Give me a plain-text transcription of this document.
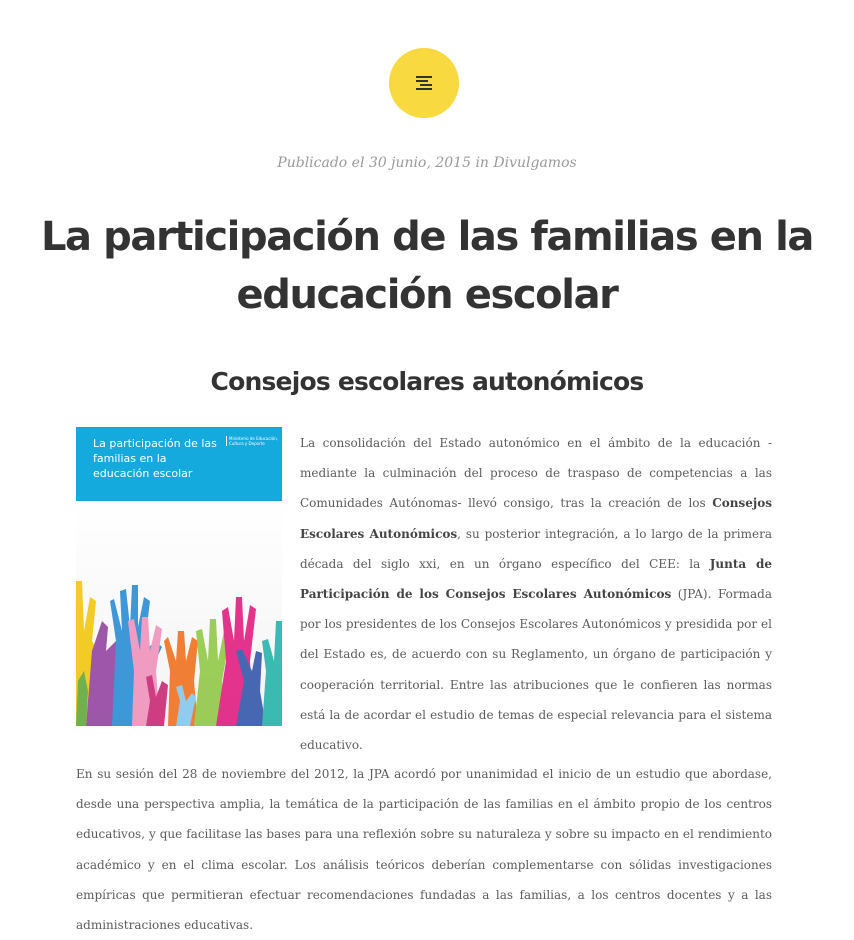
Publicado el 30 junio, 2015 in Divulgamos
La participación de las familias en la educación escolar
Consejos escolares autonómicos

La participación de las familias en la educación escolar

Ministerio de Educación, Cultura y Deporte	La consolidación del Estado autonómico en el ámbito de la educación -mediante la culminación del proceso de traspaso de competencias a las Comunidades Autónomas- llevó consigo, tras la creación de los Consejos Escolares Autonómicos, su posterior integración, a lo largo de la primera década del siglo xxi, en un órgano específico del CEE: la Junta de Participación de los Consejos Escolares Autonómicos (JPA). Formada por los presidentes de los Consejos Escolares Autonómicos y presidida por el del Estado es, de acuerdo con su Reglamento, un órgano de participación y cooperación territorial. Entre las atribuciones que le confieren las normas está la de acordar el estudio de temas de especial relevancia para el sistema educativo.

En su sesión del 28 de noviembre del 2012, la JPA acordó por unanimidad el inicio de un estudio que abordase, desde una perspectiva amplia, la temática de la participación de las familias en el ámbito propio de los centros educativos, y que facilitase las bases para una reflexión sobre su naturaleza y sobre su impacto en el rendimiento académico y en el clima escolar. Los análisis teóricos deberían complementarse con sólidas investigaciones empíricas que permitieran efectuar recomendaciones fundadas a las familias, a los centros docentes y a las administraciones educativas.
